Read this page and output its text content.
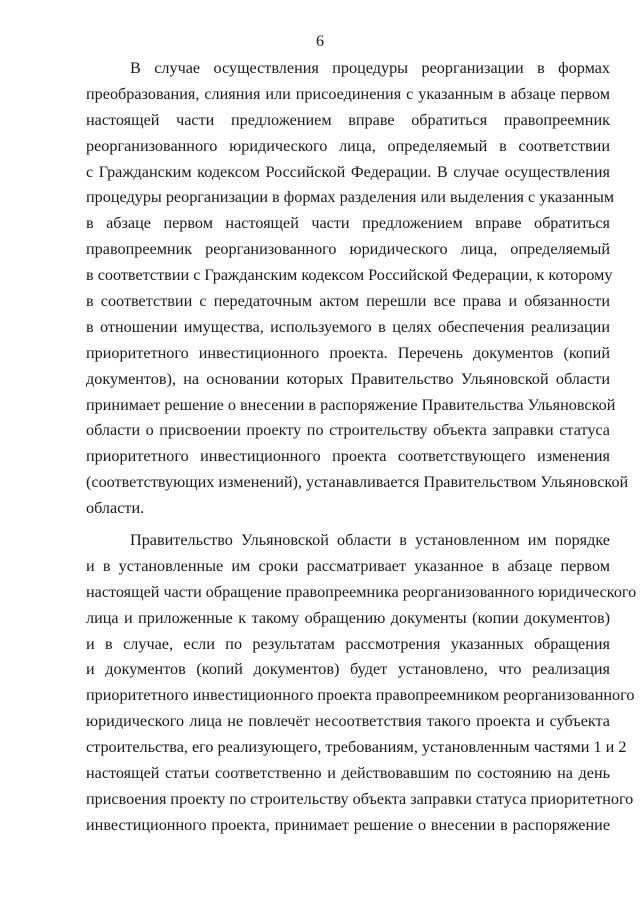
6
В случае осуществления процедуры реорганизации в формах
преобразования, слияния или присоединения с указанным в абзаце первом
настоящей части предложением вправе обратиться правопреемник
реорганизованного юридического лица, определяемый в соответствии
с Гражданским кодексом Российской Федерации. В случае осуществления
процедуры реорганизации в формах разделения или выделения с указанным
в абзаце первом настоящей части предложением вправе обратиться
правопреемник реорганизованного юридического лица, определяемый
в соответствии с Гражданским кодексом Российской Федерации, к которому
в соответствии с передаточным актом перешли все права и обязанности
в отношении имущества, используемого в целях обеспечения реализации
приоритетного инвестиционного проекта. Перечень документов (копий
документов), на основании которых Правительство Ульяновской области
принимает решение о внесении в распоряжение Правительства Ульяновской
области о присвоении проекту по строительству объекта заправки статуса
приоритетного инвестиционного проекта соответствующего изменения
(соответствующих изменений), устанавливается Правительством Ульяновской
области.
Правительство Ульяновской области в установленном им порядке
и в установленные им сроки рассматривает указанное в абзаце первом
настоящей части обращение правопреемника реорганизованного юридического
лица и приложенные к такому обращению документы (копии документов)
и в случае, если по результатам рассмотрения указанных обращения
и документов (копий документов) будет установлено, что реализация
приоритетного инвестиционного проекта правопреемником реорганизованного
юридического лица не повлечёт несоответствия такого проекта и субъекта
строительства, его реализующего, требованиям, установленным частями 1 и 2
настоящей статьи соответственно и действовавшим по состоянию на день
присвоения проекту по строительству объекта заправки статуса приоритетного
инвестиционного проекта, принимает решение о внесении в распоряжение
